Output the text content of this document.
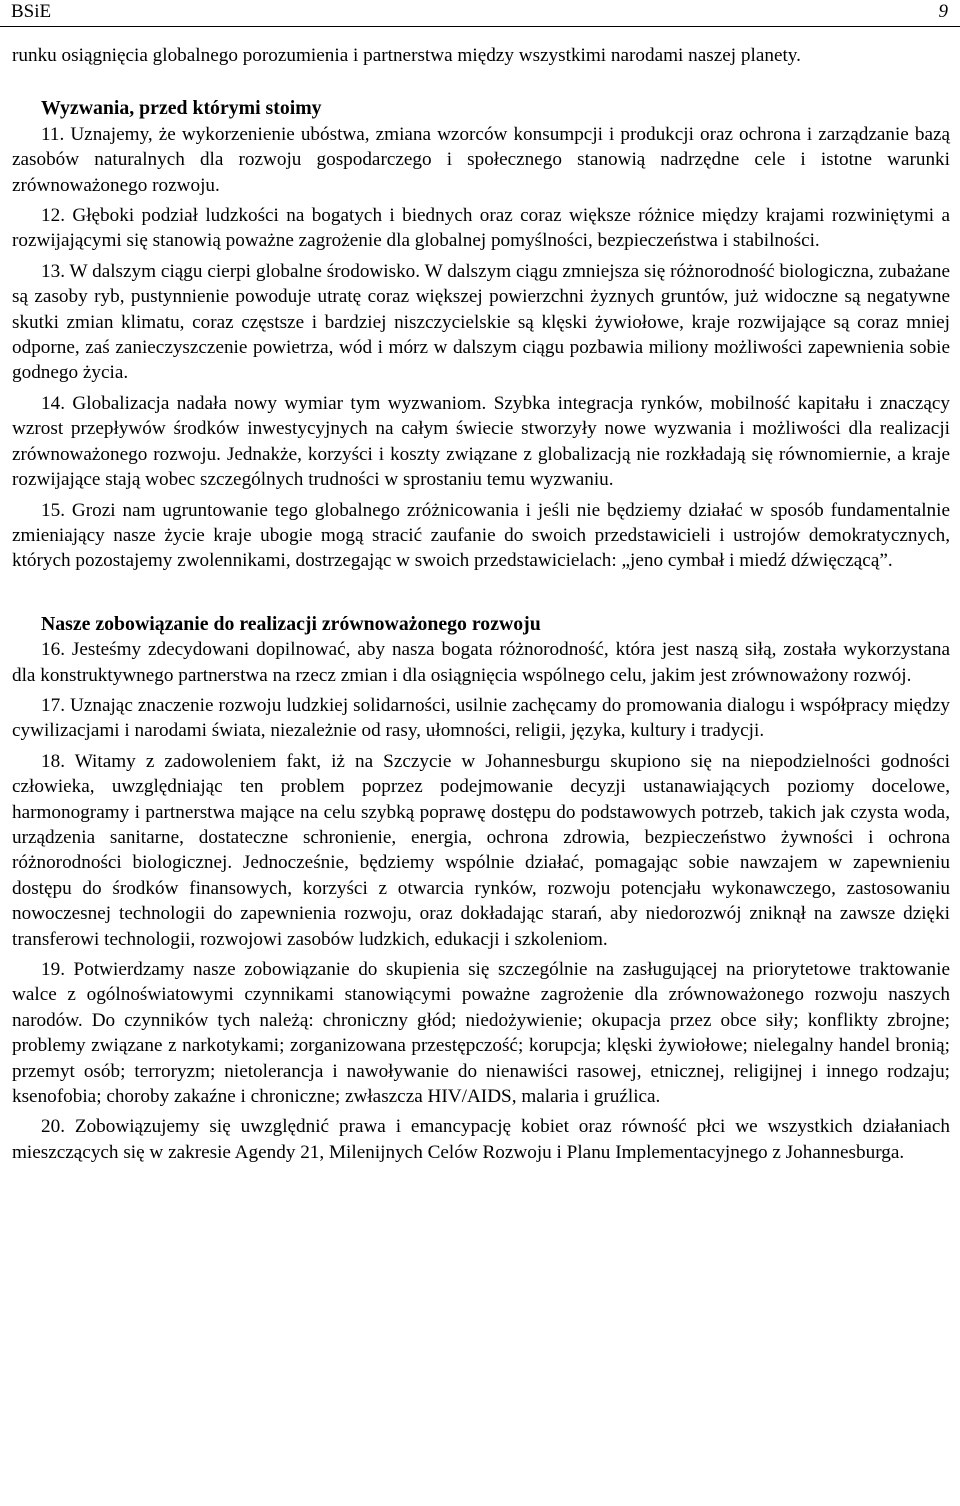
BSiE	9

runku osiągnięcia globalnego porozumienia i partnerstwa między wszystkimi narodami naszej planety.

Wyzwania, przed którymi stoimy

11. Uznajemy, że wykorzenienie ubóstwa, zmiana wzorców konsumpcji i produkcji oraz ochrona i zarządzanie bazą zasobów naturalnych dla rozwoju gospodarczego i społecznego stanowią nadrzędne cele i istotne warunki zrównoważonego rozwoju.

12. Głęboki podział ludzkości na bogatych i biednych oraz coraz większe różnice między krajami rozwiniętymi a rozwijającymi się stanowią poważne zagrożenie dla globalnej pomyślności, bezpieczeństwa i stabilności.

13. W dalszym ciągu cierpi globalne środowisko. W dalszym ciągu zmniejsza się różnorodność biologiczna, zubażane są zasoby ryb, pustynnienie powoduje utratę coraz większej powierzchni żyznych gruntów, już widoczne są negatywne skutki zmian klimatu, coraz częstsze i bardziej niszczycielskie są klęski żywiołowe, kraje rozwijające są coraz mniej odporne, zaś zanieczyszczenie powietrza, wód i mórz w dalszym ciągu pozbawia miliony możliwości zapewnienia sobie godnego życia.

14. Globalizacja nadała nowy wymiar tym wyzwaniom. Szybka integracja rynków, mobilność kapitału i znaczący wzrost przepływów środków inwestycyjnych na całym świecie stworzyły nowe wyzwania i możliwości dla realizacji zrównoważonego rozwoju. Jednakże, korzyści i koszty związane z globalizacją nie rozkładają się równomiernie, a kraje rozwijające stają wobec szczególnych trudności w sprostaniu temu wyzwaniu.

15. Grozi nam ugruntowanie tego globalnego zróżnicowania i jeśli nie będziemy działać w sposób fundamentalnie zmieniający nasze życie kraje ubogie mogą stracić zaufanie do swoich przedstawicieli i ustrojów demokratycznych, których pozostajemy zwolennikami, dostrzegając w swoich przedstawicielach: „jeno cymbał i miedź dźwięczącą”.

Nasze zobowiązanie do realizacji zrównoważonego rozwoju

16. Jesteśmy zdecydowani dopilnować, aby nasza bogata różnorodność, która jest naszą siłą, została wykorzystana dla konstruktywnego partnerstwa na rzecz zmian i dla osiągnięcia wspólnego celu, jakim jest zrównoważony rozwój.

17. Uznając znaczenie rozwoju ludzkiej solidarności, usilnie zachęcamy do promowania dialogu i współpracy między cywilizacjami i narodami świata, niezależnie od rasy, ułomności, religii, języka, kultury i tradycji.

18. Witamy z zadowoleniem fakt, iż na Szczycie w Johannesburgu skupiono się na niepodzielności godności człowieka, uwzględniając ten problem poprzez podejmowanie decyzji ustanawiających poziomy docelowe, harmonogramy i partnerstwa mające na celu szybką poprawę dostępu do podstawowych potrzeb, takich jak czysta woda, urządzenia sanitarne, dostateczne schronienie, energia, ochrona zdrowia, bezpieczeństwo żywności i ochrona różnorodności biologicznej. Jednocześnie, będziemy wspólnie działać, pomagając sobie nawzajem w zapewnieniu dostępu do środków finansowych, korzyści z otwarcia rynków, rozwoju potencjału wykonawczego, zastosowaniu nowoczesnej technologii do zapewnienia rozwoju, oraz dokładając starań, aby niedorozwój zniknął na zawsze dzięki transferowi technologii, rozwojowi zasobów ludzkich, edukacji i szkoleniom.

19. Potwierdzamy nasze zobowiązanie do skupienia się szczególnie na zasługującej na priorytetowe traktowanie walce z ogólnoświatowymi czynnikami stanowiącymi poważne zagrożenie dla zrównoważonego rozwoju naszych narodów. Do czynników tych należą: chroniczny głód; niedożywienie; okupacja przez obce siły; konflikty zbrojne; problemy związane z narkotykami; zorganizowana przestępczość; korupcja; klęski żywiołowe; nielegalny handel bronią; przemyt osób; terroryzm; nietolerancja i nawoływanie do nienawiści rasowej, etnicznej, religijnej i innego rodzaju; ksenofobia; choroby zakaźne i chroniczne; zwłaszcza HIV/AIDS, malaria i gruźlica.

20. Zobowiązujemy się uwzględnić prawa i emancypację kobiet oraz równość płci we wszystkich działaniach mieszczących się w zakresie Agendy 21, Milenijnych Celów Rozwoju i Planu Implementacyjnego z Johannesburga.
